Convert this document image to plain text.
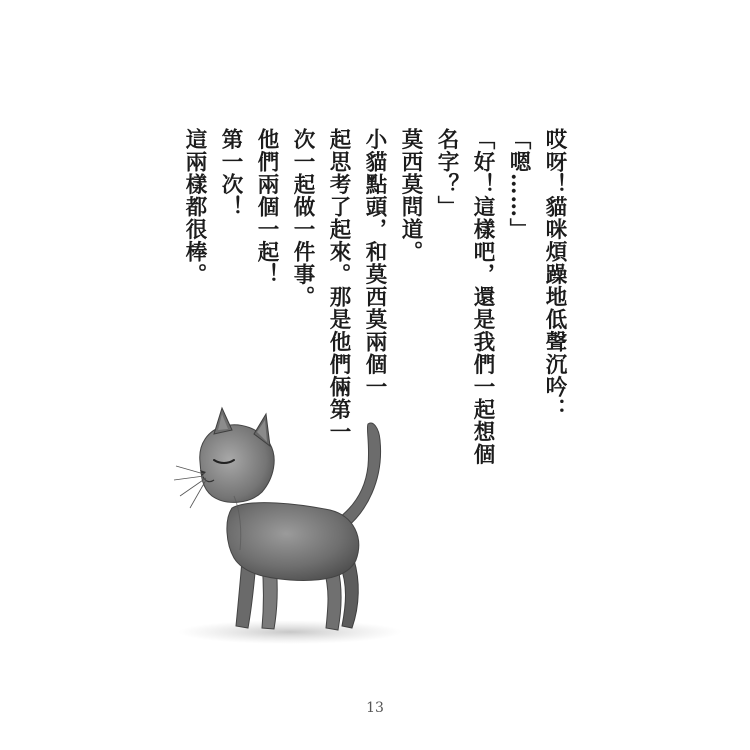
哎呀！貓咪煩躁地低聲沉吟：

「嗯……」

「好！這樣吧，還是我們一起想個名字？」

莫西莫問道。

小貓點頭，和莫西莫兩個一

起思考了起來。那是他們倆第一

次一起做一件事。

他們兩個一起！

第一次！

這兩樣都很棒。

13
